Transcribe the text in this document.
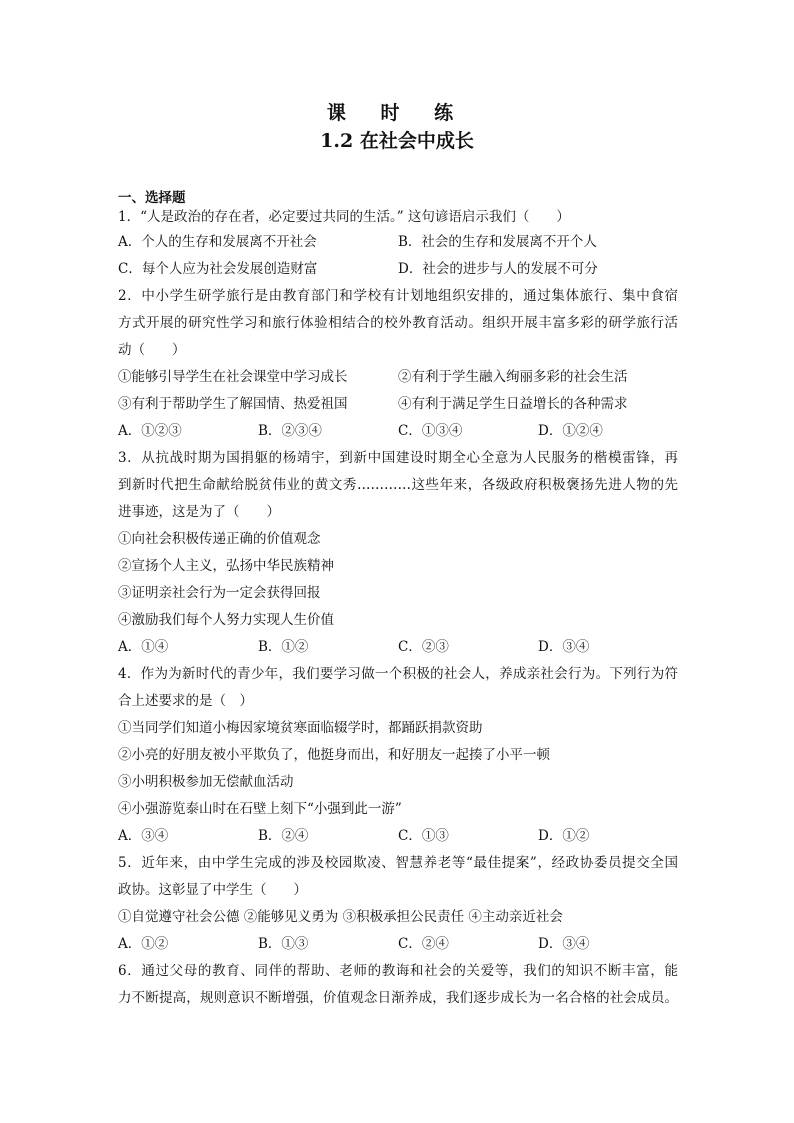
课 时 练
1.2 在社会中成长
一、选择题
1．“人是政治的存在者，必定要过共同的生活。” 这句谚语启示我们（　　）
A．个人的生存和发展离不开社会	B．社会的生存和发展离不开个人
C．每个人应为社会发展创造财富	D．社会的进步与人的发展不可分
2．中小学生研学旅行是由教育部门和学校有计划地组织安排的，通过集体旅行、集中食宿
方式开展的研究性学习和旅行体验相结合的校外教育活动。组织开展丰富多彩的研学旅行活
动（　　）
①能够引导学生在社会课堂中学习成长	②有利于学生融入绚丽多彩的社会生活
③有利于帮助学生了解国情、热爱祖国	④有利于满足学生日益增长的各种需求
A．①②③	B．②③④	C．①③④	D．①②④
3．从抗战时期为国捐躯的杨靖宇，到新中国建设时期全心全意为人民服务的楷模雷锋，再
到新时代把生命献给脱贫伟业的黄文秀…………这些年来，各级政府积极褒扬先进人物的先
进事迹，这是为了（　　）
①向社会积极传递正确的价值观念
②宣扬个人主义，弘扬中华民族精神
③证明亲社会行为一定会获得回报
④激励我们每个人努力实现人生价值
A．①④	B．①②	C．②③	D．③④
4．作为为新时代的青少年，我们要学习做一个积极的社会人，养成亲社会行为。下列行为符
合上述要求的是（　）
①当同学们知道小梅因家境贫寒面临辍学时，都踊跃捐款资助
②小亮的好朋友被小平欺负了，他挺身而出，和好朋友一起揍了小平一顿
③小明积极参加无偿献血活动
④小强游览泰山时在石壁上刻下“小强到此一游”
A．③④	B．②④	C．①③	D．①②
5．近年来，由中学生完成的涉及校园欺凌、智慧养老等“最佳提案”，经政协委员提交全国
政协。这彰显了中学生（　　）
①自觉遵守社会公德 ②能够见义勇为 ③积极承担公民责任 ④主动亲近社会
A．①②	B．①③	C．②④	D．③④
6．通过父母的教育、同伴的帮助、老师的教诲和社会的关爱等，我们的知识不断丰富，能
力不断提高，规则意识不断增强，价值观念日渐养成，我们逐步成长为一名合格的社会成员。
